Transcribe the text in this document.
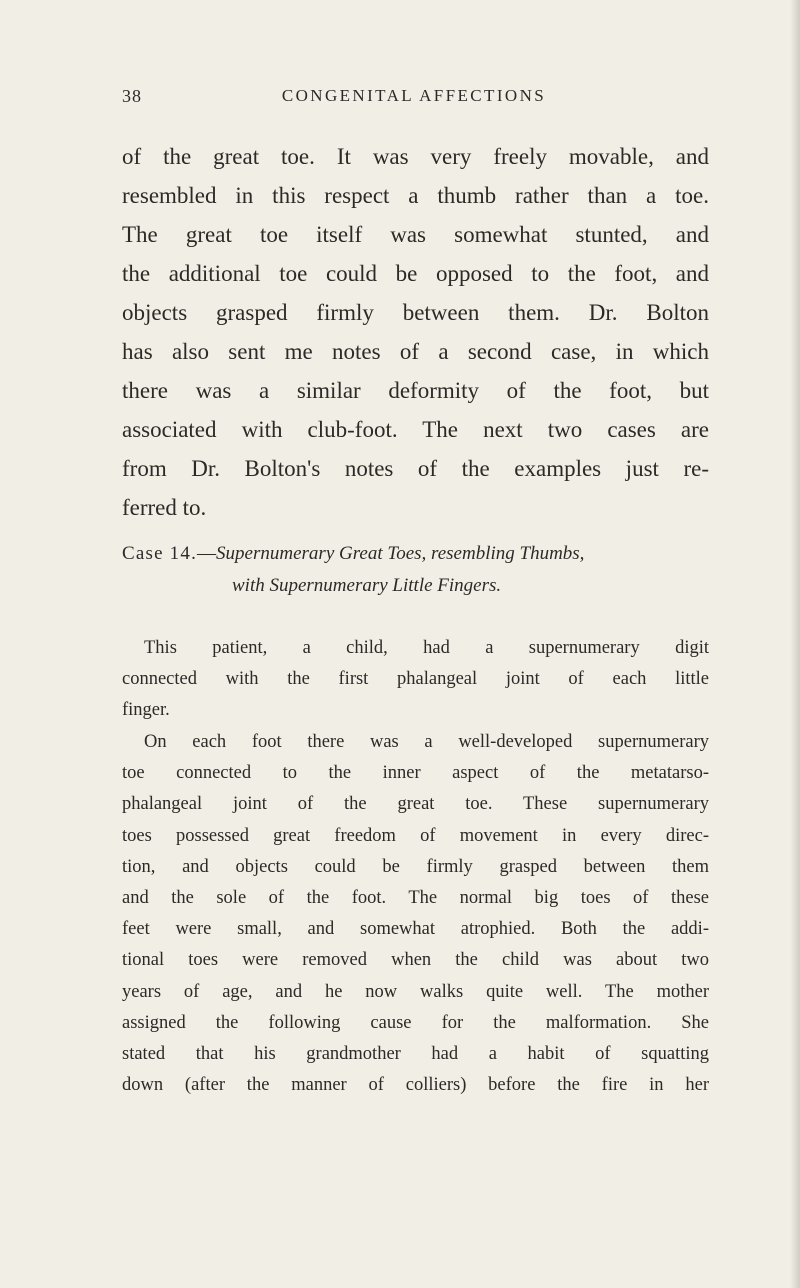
38	CONGENITAL AFFECTIONS
of the great toe. It was very freely movable, and
resembled in this respect a thumb rather than a toe.
The great toe itself was somewhat stunted, and
the additional toe could be opposed to the foot, and
objects grasped firmly between them. Dr. Bolton
has also sent me notes of a second case, in which
there was a similar deformity of the foot, but
associated with club-foot. The next two cases are
from Dr. Bolton's notes of the examples just re-
ferred to.
Case 14.—Supernumerary Great Toes, resembling Thumbs,
with Supernumerary Little Fingers.
This patient, a child, had a supernumerary digit
connected with the first phalangeal joint of each little
finger.
On each foot there was a well-developed supernumerary
toe connected to the inner aspect of the metatarso-
phalangeal joint of the great toe. These supernumerary
toes possessed great freedom of movement in every direc-
tion, and objects could be firmly grasped between them
and the sole of the foot. The normal big toes of these
feet were small, and somewhat atrophied. Both the addi-
tional toes were removed when the child was about two
years of age, and he now walks quite well. The mother
assigned the following cause for the malformation. She
stated that his grandmother had a habit of squatting
down (after the manner of colliers) before the fire in her
